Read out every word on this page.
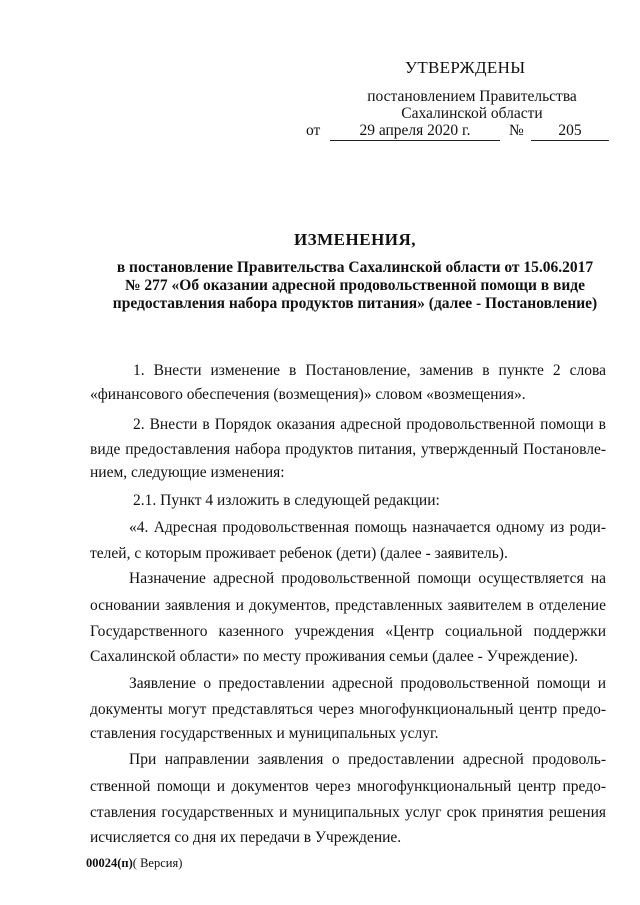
УТВЕРЖДЕНЫ
постановлением Правительства
Сахалинской области
от	29 апреля 2020 г.	№	205
ИЗМЕНЕНИЯ,
в постановление Правительства Сахалинской области от 15.06.2017
№ 277 «Об оказании адресной продовольственной помощи в виде
предоставления набора продуктов питания» (далее - Постановление)
1. Внести изменение в Постановление, заменив в пункте 2 слова
«финансового обеспечения (возмещения)» словом «возмещения».
2. Внести в Порядок оказания адресной продовольственной помощи в
виде предоставления набора продуктов питания, утвержденный Постановле-
нием, следующие изменения:
2.1. Пункт 4 изложить в следующей редакции:
«4. Адресная продовольственная помощь назначается одному из роди-
телей, с которым проживает ребенок (дети) (далее - заявитель).
Назначение адресной продовольственной помощи осуществляется на
основании заявления и документов, представленных заявителем в отделение
Государственного казенного учреждения «Центр социальной поддержки
Сахалинской области» по месту проживания семьи (далее - Учреждение).
Заявление о предоставлении адресной продовольственной помощи и
документы могут представляться через многофункциональный центр предо-
ставления государственных и муниципальных услуг.
При направлении заявления о предоставлении адресной продоволь-
ственной помощи и документов через многофункциональный центр предо-
ставления государственных и муниципальных услуг срок принятия решения
исчисляется со дня их передачи в Учреждение.
00024(п)( Версия)
